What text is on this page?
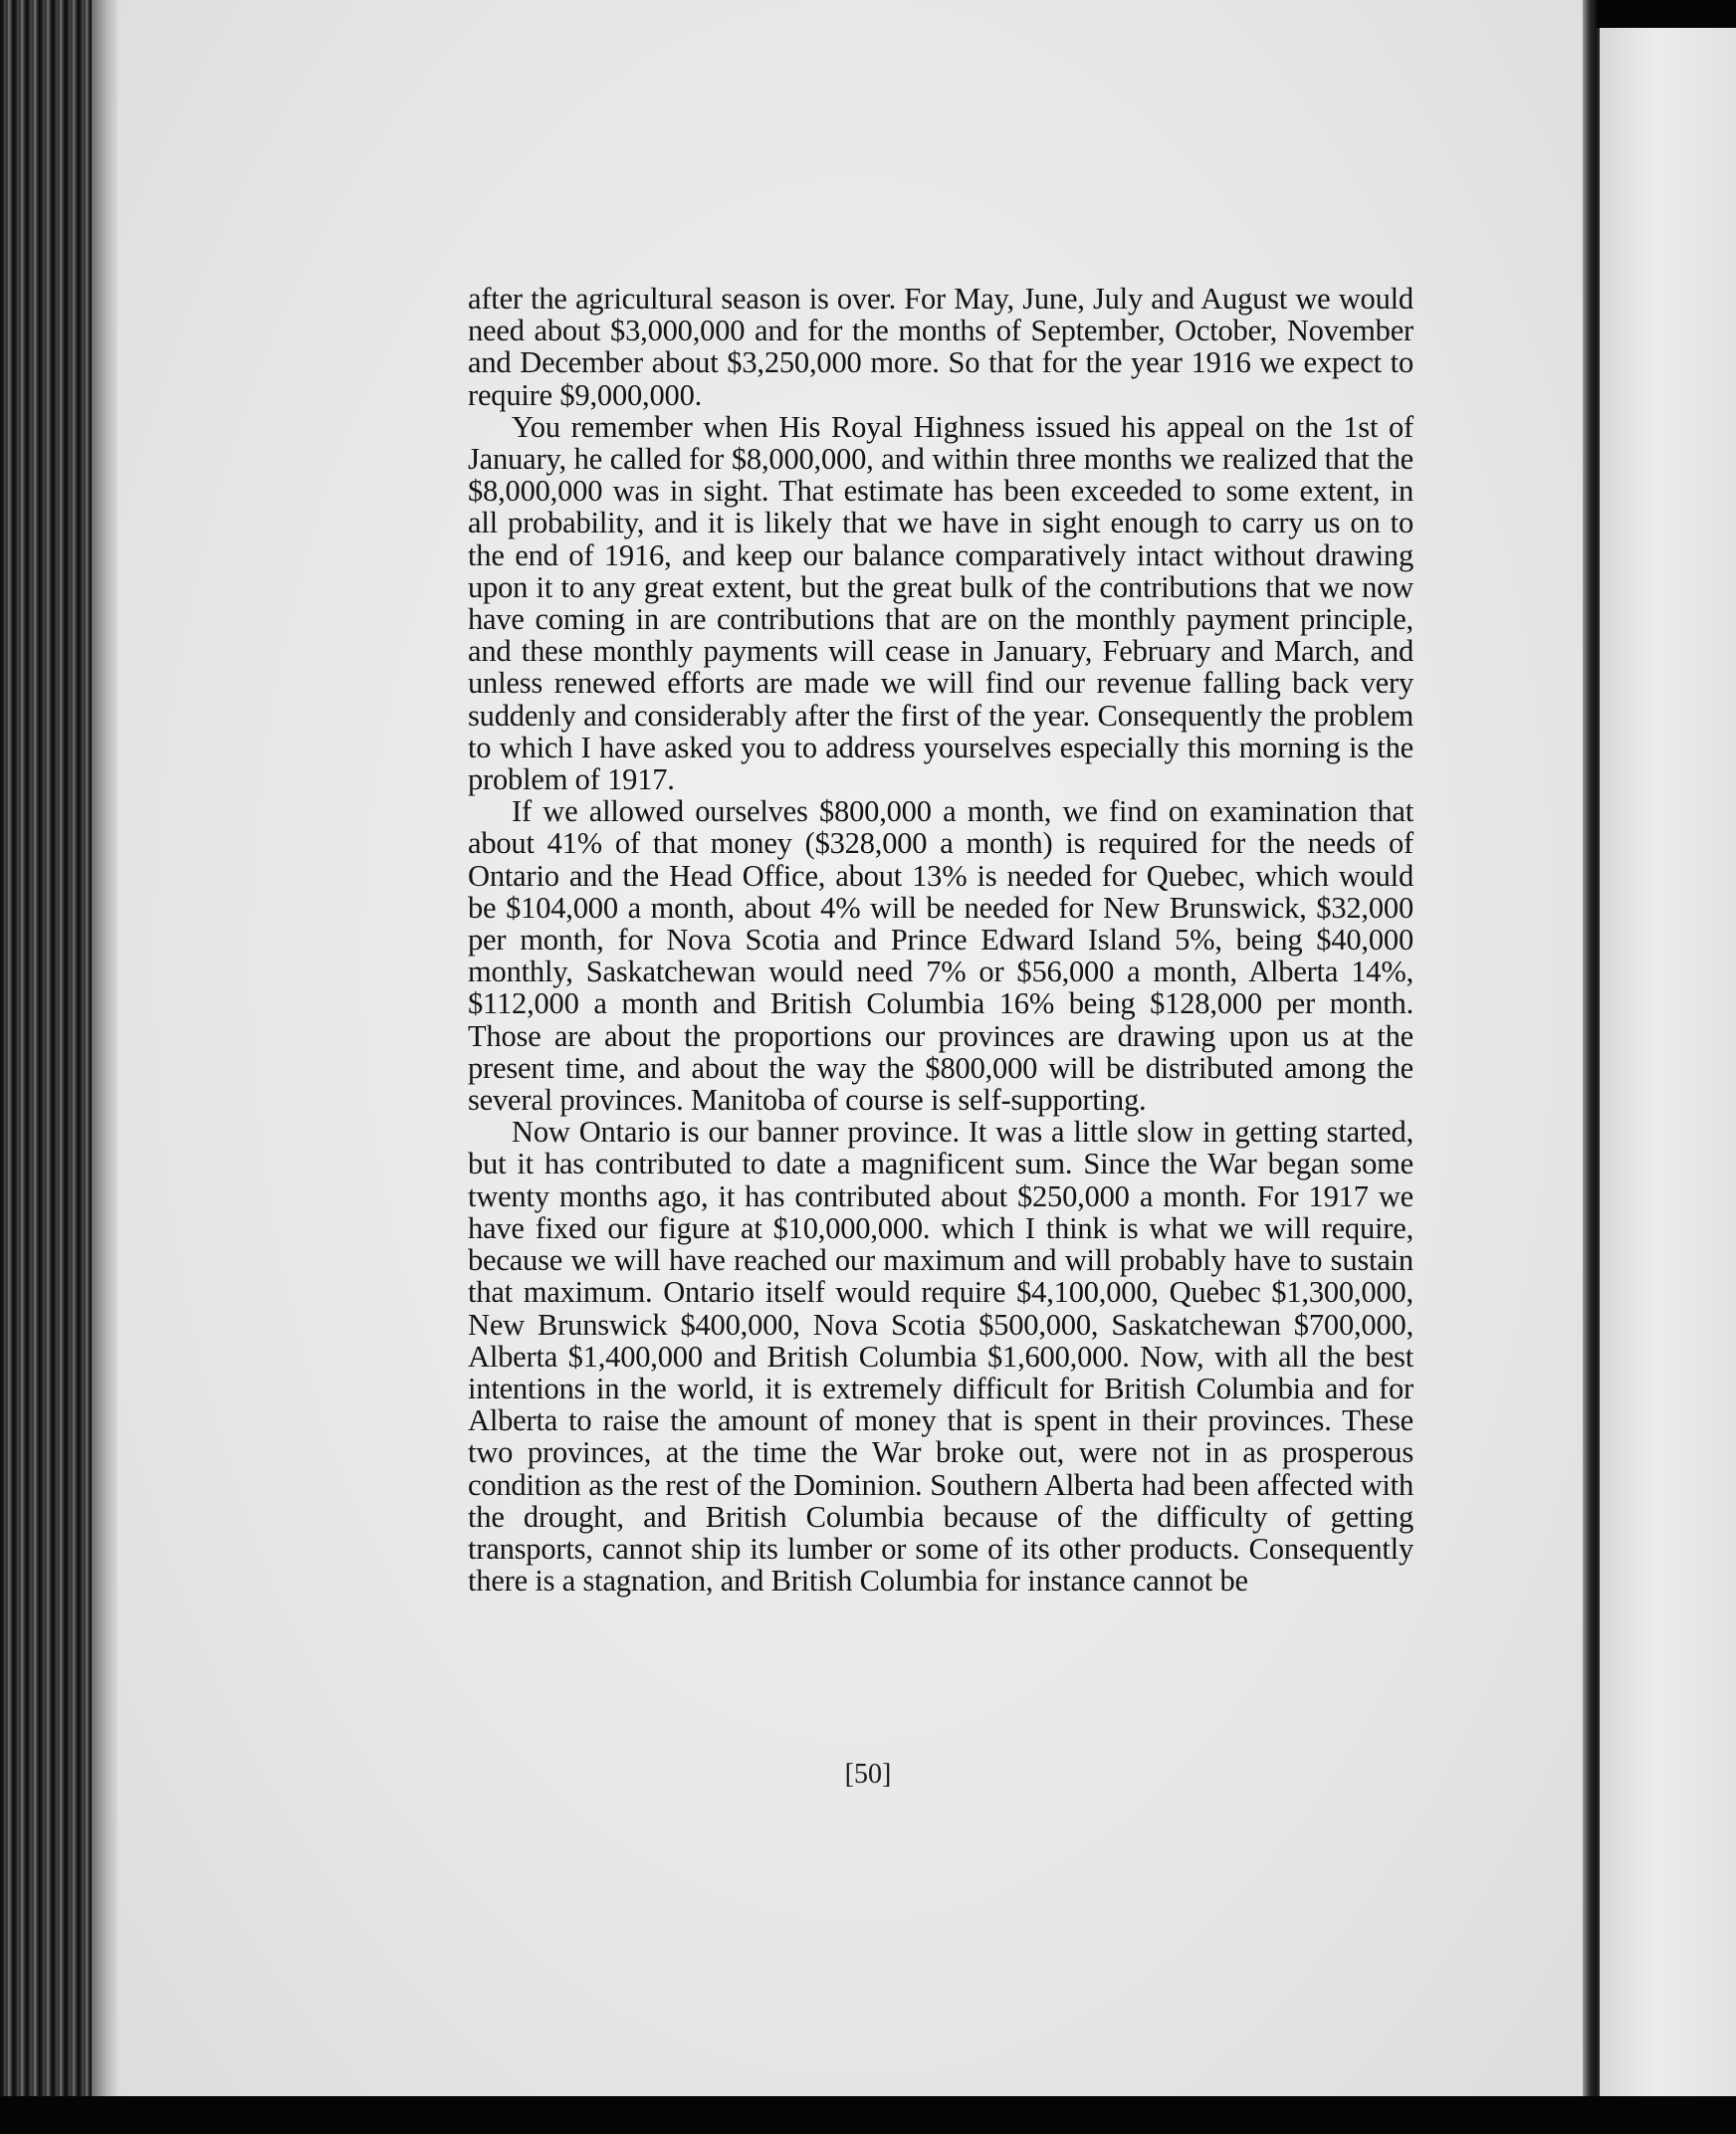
after the agricultural season is over. For May, June, July and August we would need about $3,000,000 and for the months of September, October, November and December about $3,250,000 more. So that for the year 1916 we expect to require $9,000,000.

You remember when His Royal Highness issued his appeal on the 1st of January, he called for $8,000,000, and within three months we realized that the $8,000,000 was in sight. That estimate has been exceeded to some extent, in all probability, and it is likely that we have in sight enough to carry us on to the end of 1916, and keep our balance comparatively intact without drawing upon it to any great extent, but the great bulk of the contributions that we now have coming in are contributions that are on the monthly payment principle, and these monthly payments will cease in January, February and March, and unless renewed efforts are made we will find our revenue falling back very suddenly and considerably after the first of the year. Consequently the problem to which I have asked you to address yourselves especially this morning is the problem of 1917.

If we allowed ourselves $800,000 a month, we find on examination that about 41% of that money ($328,000 a month) is required for the needs of Ontario and the Head Office, about 13% is needed for Quebec, which would be $104,000 a month, about 4% will be needed for New Brunswick, $32,000 per month, for Nova Scotia and Prince Edward Island 5%, being $40,000 monthly, Saskatchewan would need 7% or $56,000 a month, Alberta 14%, $112,000 a month and British Columbia 16% being $128,000 per month. Those are about the proportions our provinces are drawing upon us at the present time, and about the way the $800,000 will be distributed among the several provinces. Manitoba of course is self-supporting.

Now Ontario is our banner province. It was a little slow in getting started, but it has contributed to date a magnificent sum. Since the War began some twenty months ago, it has contributed about $250,000 a month. For 1917 we have fixed our figure at $10,000,000. which I think is what we will require, because we will have reached our maximum and will probably have to sustain that maximum. Ontario itself would require $4,100,000, Quebec $1,300,000, New Brunswick $400,000, Nova Scotia $500,000, Saskatchewan $700,000, Alberta $1,400,000 and British Columbia $1,600,000. Now, with all the best intentions in the world, it is extremely difficult for British Columbia and for Alberta to raise the amount of money that is spent in their provinces. These two provinces, at the time the War broke out, were not in as prosperous condition as the rest of the Dominion. Southern Alberta had been affected with the drought, and British Columbia because of the difficulty of getting transports, cannot ship its lumber or some of its other products. Consequently there is a stagnation, and British Columbia for instance cannot be

[50]
